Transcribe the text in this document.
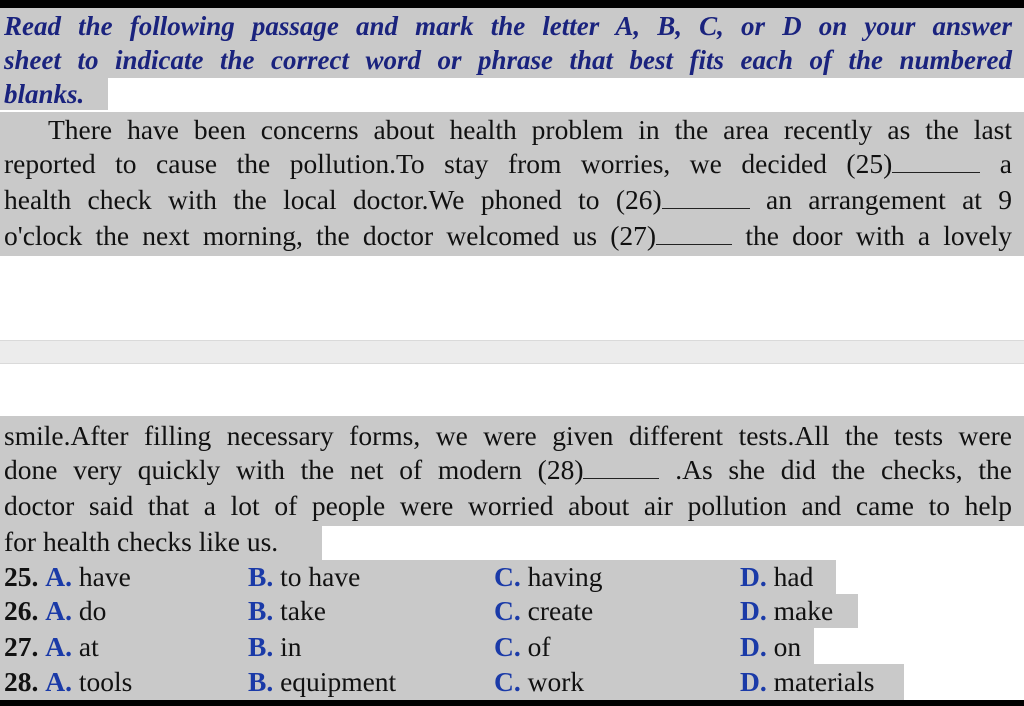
Read the following passage and mark the letter A, B, C, or D on your answer
sheet to indicate the correct word or phrase that best fits each of the numbered
blanks.
There have been concerns about health problem in the area recently as the last
reported to cause the pollution.To stay from worries, we decided (25)	a
health check with the local doctor.We phoned to (26)	an arrangement at 9
o'clock the next morning, the doctor welcomed us (27)	the door with a lovely
smile.After filling necessary forms, we were given different tests.All the tests were
done very quickly with the net of modern (28)	.As she did the checks, the
doctor said that a lot of people were worried about air pollution and came to help
for health checks like us.
25. A. have	B. to have	C. having	D. had
26. A. do	B. take	C. create	D. make
27. A. at	B. in	C. of	D. on
28. A. tools	B. equipment	C. work	D. materials
